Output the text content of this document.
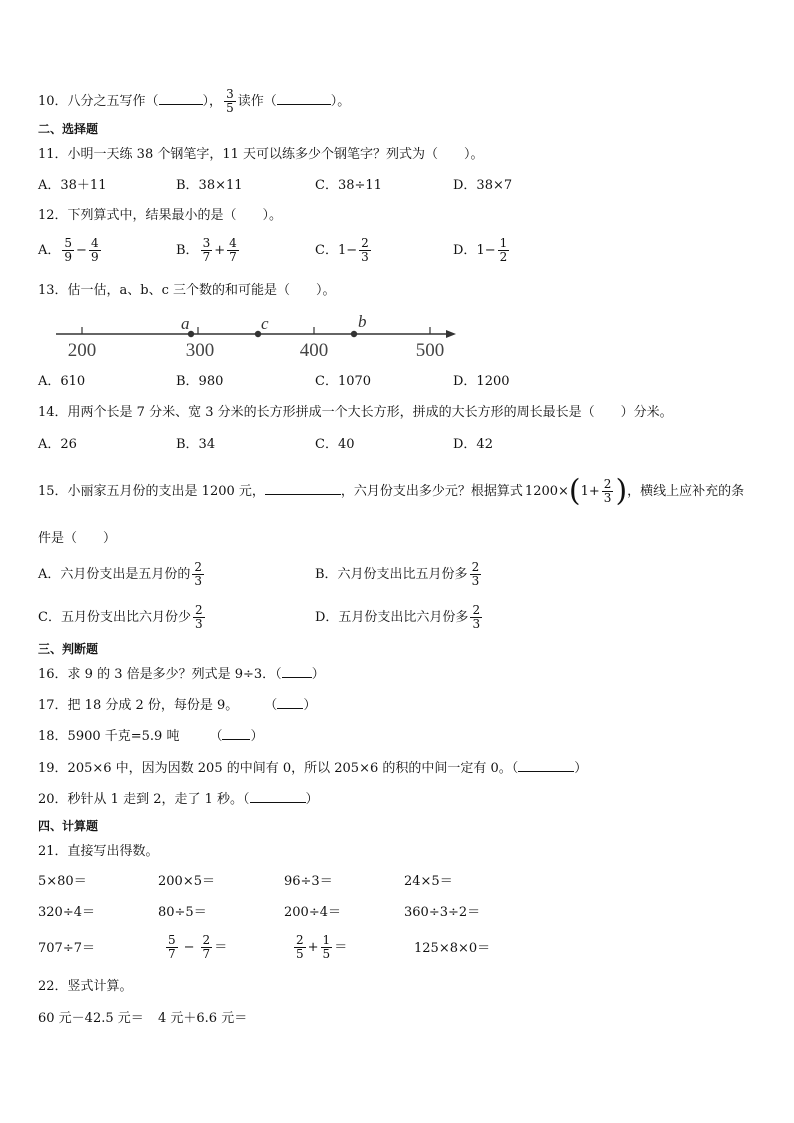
10．八分之五写作（	）， $\frac{3}{5}$ 读作（	）。
二、选择题
11．小明一天练 38 个钢笔字，11 天可以练多少个钢笔字？列式为（　　）。
A．38＋11	B．38×11	C．38÷11	D．38×7
12．下列算式中，结果最小的是（　　）。
A． $\frac{5}{9} - \frac{4}{9}$	B． $\frac{3}{7} + \frac{4}{7}$	C．$1- \frac{2}{3}$	D．$1- \frac{1}{2}$
13．估一估，a、b、c 三个数的和可能是（　　）。
200	300	400	500
a	c	b
A．610	B．980	C．1070	D．1200
14．用两个长是 7 分米、宽 3 分米的长方形拼成一个大长方形，拼成的大长方形的周长最长是（　　）分米。
A．26	B．34	C．40	D．42
15．小丽家五月份的支出是 1200 元，	，六月份支出多少元？根据算式 $1200\times(1+ \frac{2}{3}$ )，横线上应补充的条
件是（　　）
A．六月份支出是五月份的 $\frac{2}{3}$	B．六月份支出比五月份多 $\frac{2}{3}$
C．五月份支出比六月份少 $\frac{2}{3}$	D．五月份支出比六月份多 $\frac{2}{3}$
三、判断题
16．求 9 的 3 倍是多少？列式是 9÷3．（ ）
17．把 18 分成 2 份，每份是 9。 （ ）
18．5900 千克=5.9 吨 （ ）
19．205×6 中，因为因数 205 的中间有 0，所以 205×6 的积的中间一定有 0。（	）
20．秒针从 1 走到 2，走了 1 秒。（	）
四、计算题
21．直接写出得数。
5×80＝	200×5＝	96÷3＝	24×5＝
320÷4＝	80÷5＝	200÷4＝	360÷3÷2＝
707÷7＝	$\frac{5}{7} - \frac{2}{7}$ ＝	$\frac{2}{5} + \frac{1}{5}$ ＝	125×8×0＝
22．竖式计算。
60 元－42.5 元＝ 4 元＋6.6 元＝
